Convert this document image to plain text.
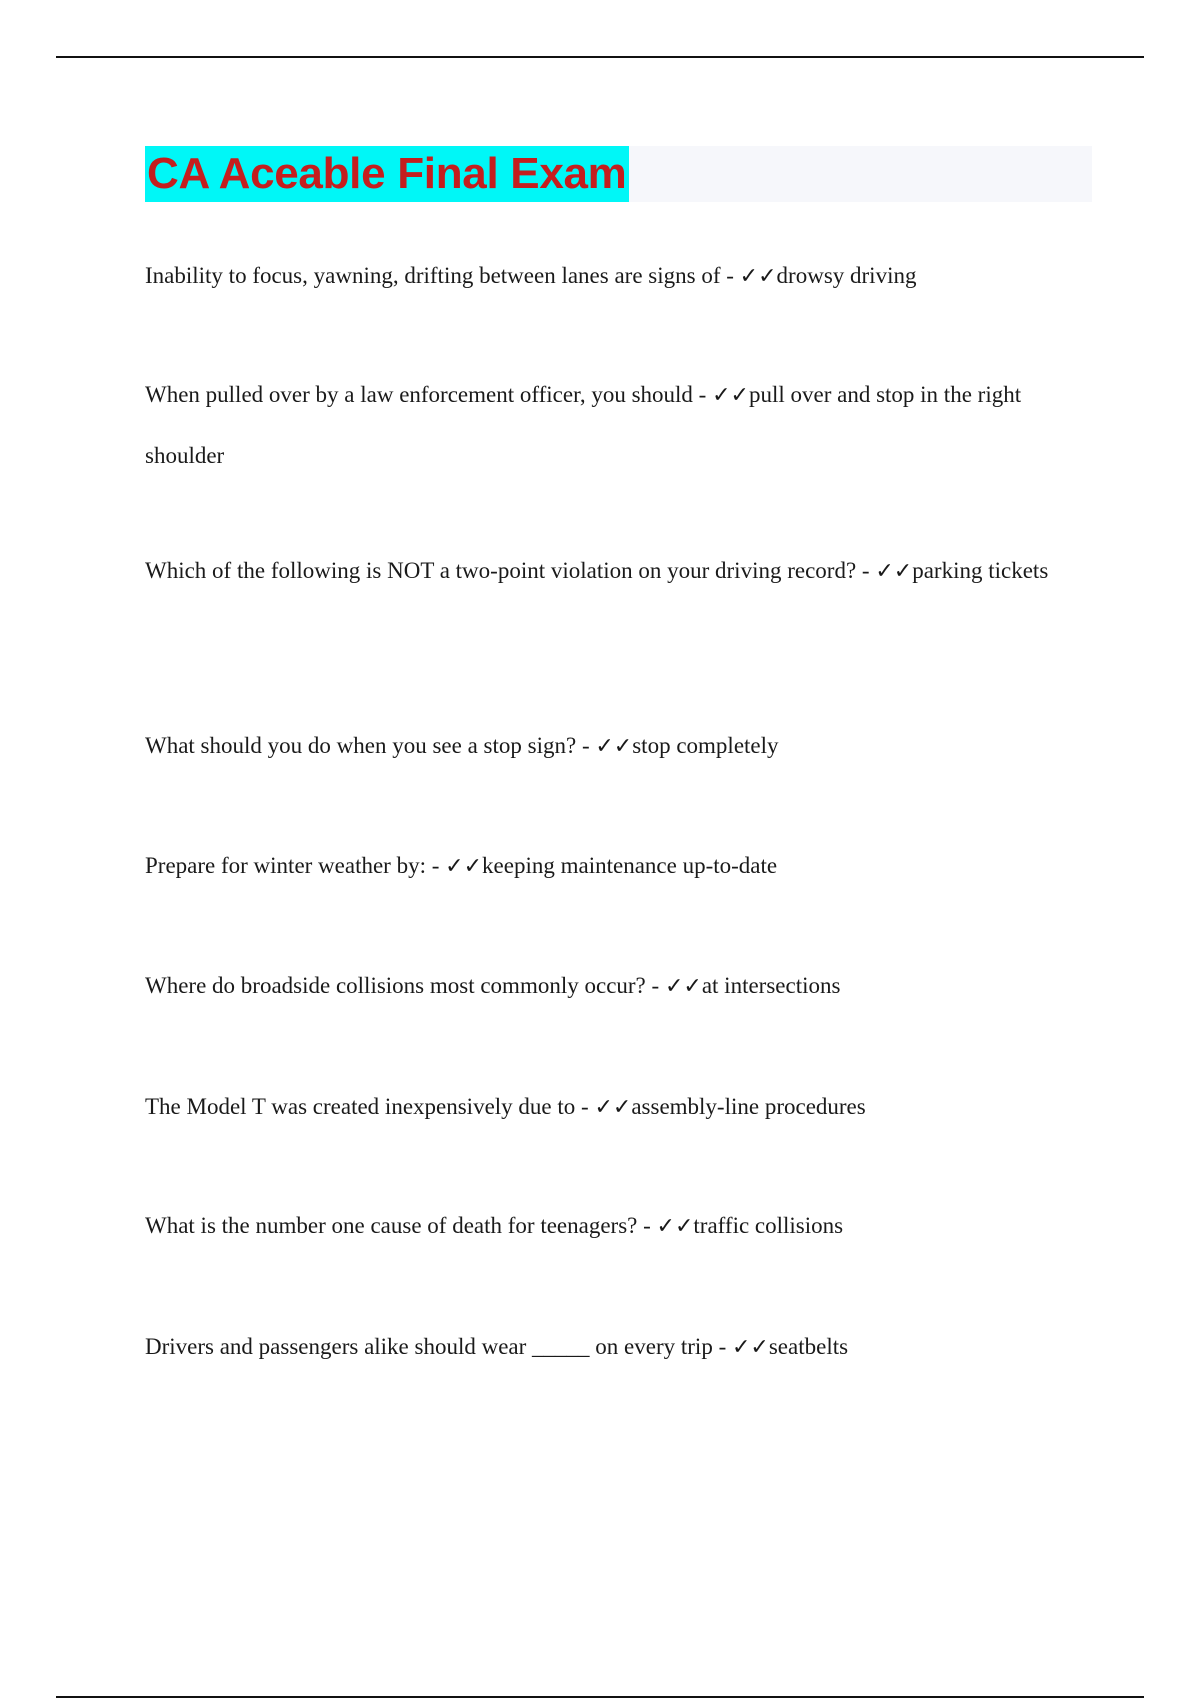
CA Aceable Final Exam

Inability to focus, yawning, drifting between lanes are signs of - ✓✓drowsy driving

When pulled over by a law enforcement officer, you should - ✓✓pull over and stop in the right shoulder

Which of the following is NOT a two-point violation on your driving record? - ✓✓parking tickets

What should you do when you see a stop sign? - ✓✓stop completely

Prepare for winter weather by: - ✓✓keeping maintenance up-to-date

Where do broadside collisions most commonly occur? - ✓✓at intersections

The Model T was created inexpensively due to - ✓✓assembly-line procedures

What is the number one cause of death for teenagers? - ✓✓traffic collisions

Drivers and passengers alike should wear _____ on every trip - ✓✓seatbelts
